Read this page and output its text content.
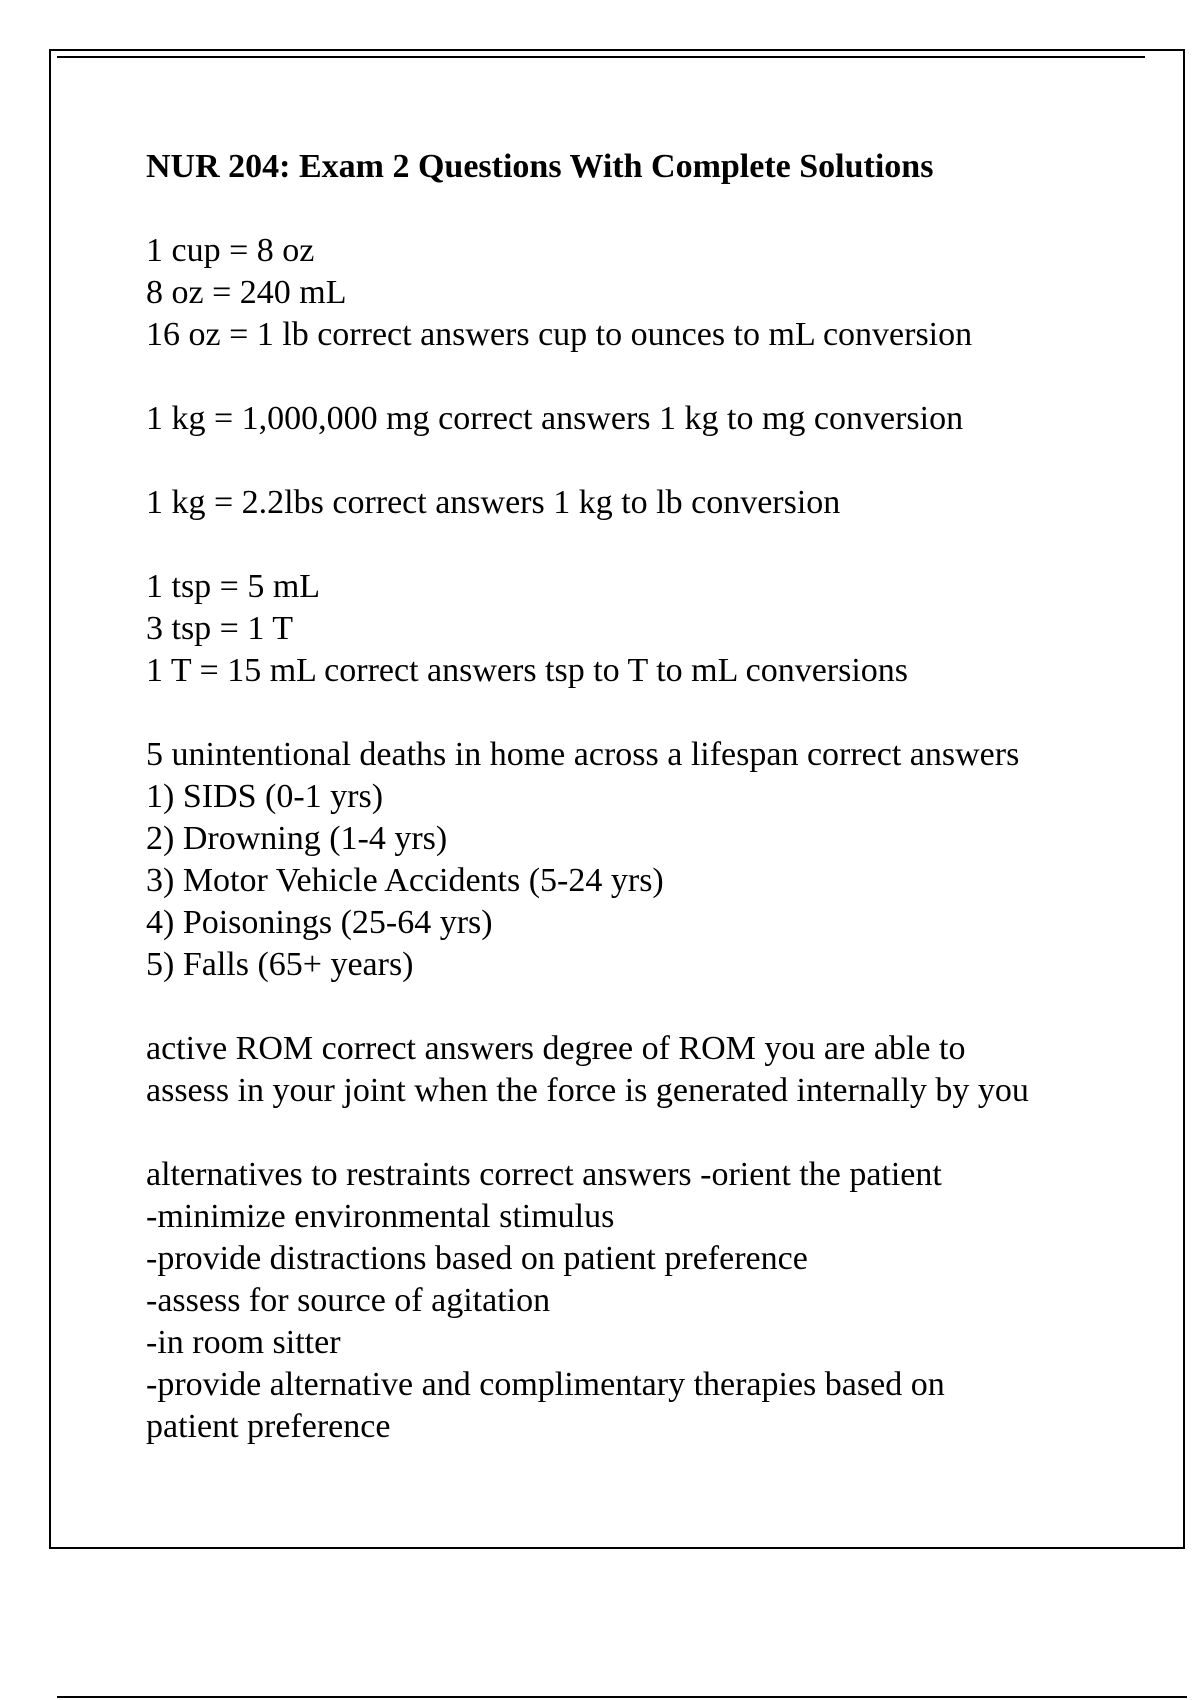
NUR 204: Exam 2 Questions With Complete Solutions

1 cup = 8 oz

8 oz = 240 mL

16 oz = 1 lb correct answers cup to ounces to mL conversion

1 kg = 1,000,000 mg correct answers 1 kg to mg conversion

1 kg = 2.2lbs correct answers 1 kg to lb conversion

1 tsp = 5 mL

3 tsp = 1 T

1 T = 15 mL correct answers tsp to T to mL conversions

5 unintentional deaths in home across a lifespan correct answers

1) SIDS (0-1 yrs)

2) Drowning (1-4 yrs)

3) Motor Vehicle Accidents (5-24 yrs)

4) Poisonings (25-64 yrs)

5) Falls (65+ years)

active ROM correct answers degree of ROM you are able to

assess in your joint when the force is generated internally by you

alternatives to restraints correct answers -orient the patient

-minimize environmental stimulus

-provide distractions based on patient preference

-assess for source of agitation

-in room sitter

-provide alternative and complimentary therapies based on

patient preference
